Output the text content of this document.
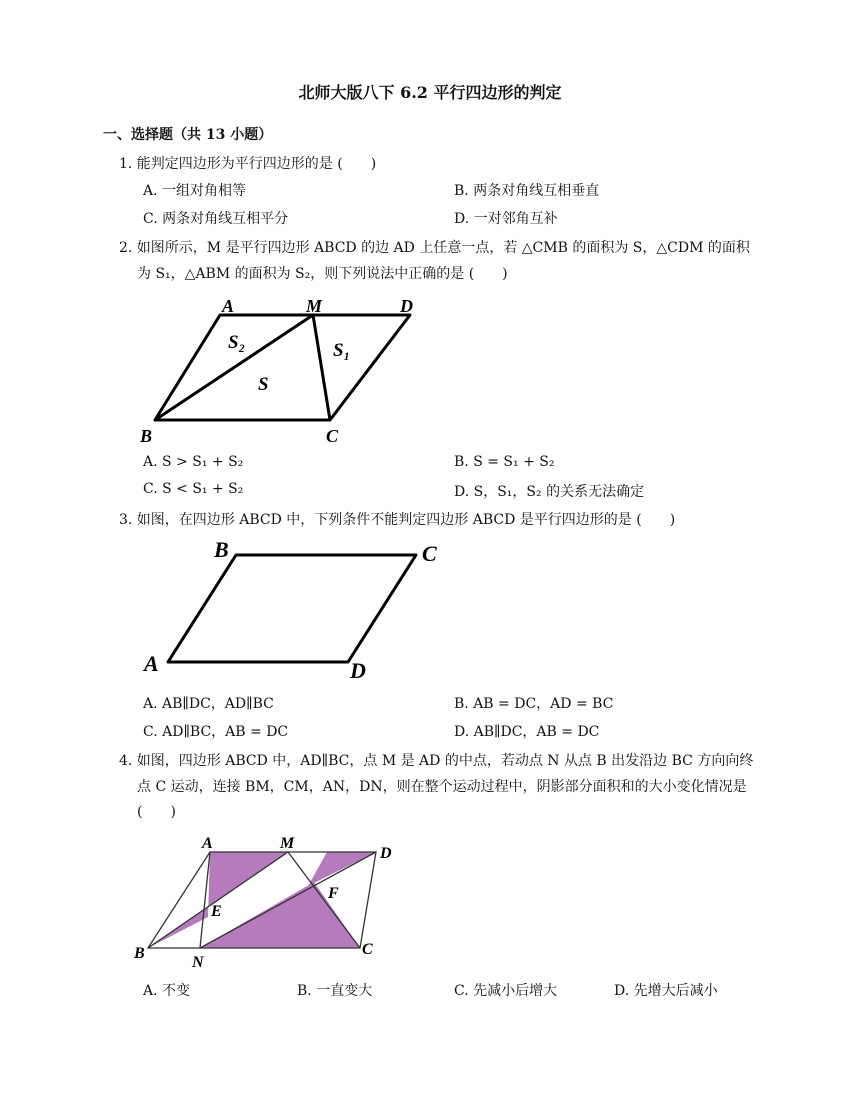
北师大版八下 6.2 平行四边形的判定
一、选择题（共 13 小题）
1. 能判定四边形为平行四边形的是 (　　)
A. 一组对角相等	B. 两条对角线互相垂直
C. 两条对角线互相平分	D. 一对邻角互补
2. 如图所示，M 是平行四边形 ABCD 的边 AD 上任意一点，若 △CMB 的面积为 S，△CDM 的面积
为 S₁，△ABM 的面积为 S₂，则下列说法中正确的是 (　　)
A	M	D
B	C
S₂	S₁
S
A. S > S₁ + S₂	B. S = S₁ + S₂
C. S < S₁ + S₂	D. S，S₁，S₂ 的关系无法确定
3. 如图，在四边形 ABCD 中，下列条件不能判定四边形 ABCD 是平行四边形的是 (　　)
B	C
A	D
A. AB∥DC，AD∥BC	B. AB = DC，AD = BC
C. AD∥BC，AB = DC	D. AB∥DC，AB = DC
4. 如图，四边形 ABCD 中，AD∥BC，点 M 是 AD 的中点，若动点 N 从点 B 出发沿边 BC 方向向终
点 C 运动，连接 BM，CM，AN，DN，则在整个运动过程中，阴影部分面积和的大小变化情况是
(　　)
A	M
D
E
F
B
N
C
A. 不变	B. 一直变大	C. 先减小后增大	D. 先增大后减小
